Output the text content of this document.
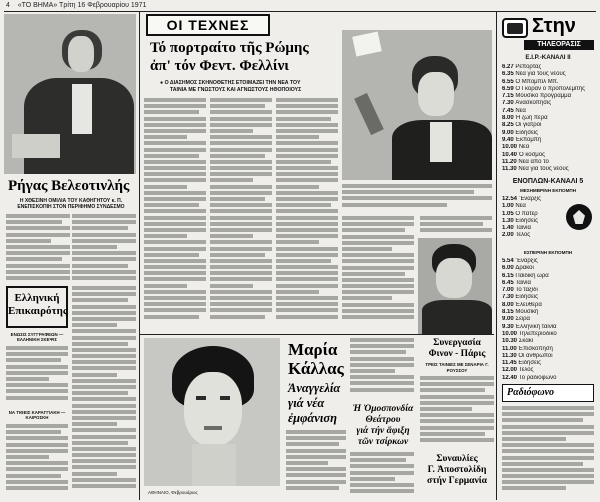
4 «ΤΟ ΒΗΜΑ» Τρίτη 16 Φεβρουαρίου 1971
Ρήγας Βελεοτινλής
Η ΧΘΕΣΙΝΗ ΟΜΙΛΙΑ ΤΟΥ ΚΑΘΗΓΗΤΟΥ κ. Π. ΕΝΕΠΙΣΚΟΠΙΗ ΣΤΟΝ ΠΕΡΙΦΗΜΟ ΣΥΝΔΕΣΜΟ
Ελληνική
Επικαιρότης
ΕΝΩΣΙΣ ΣΥΓΓΡΑΦΕΩΝ — ΕΛΛΗΝΙΚΗ ΣΚΕΨΙΣ
ΝΑ ΤΙΘΕΙΣ ΚΑΡΑΓΓΙΑΚΗ — ΚΑΙΡΟΣΚΗ
ΟΙ ΤΕΧΝΕΣ
Τό πορτραίτο τῆς Ρώμης
ἀπ' τόν Φεντ. Φελλίνι
● Ο ΔΙΑΣΗΜΟΣ ΣΚΗΝΟΘΕΤΗΣ ΕΤΟΙΜΑΖΕΙ ΤΗΝ ΝΕΑ ΤΟΥ
ΤΑΙΝΙΑ ΜΕ ΓΝΩΣΤΟΥΣ ΚΑΙ ΑΓΝΩΣΤΟΥΣ ΗΘΟΠΟΙΟΥΣ
ΑΘΗΝΑΙΟ, Φεβρουάριος
Μαρία
Κάλλας
Ἀναγγελία
γιά νέα
ἐμφάνιση
Ἡ Ὁμοσπονδία
Θεάτρου
γιά τήν ἄφιξη
τῶν τσίρκων
Συνεργασία
Φινον - Πάρις
ΤΡΕΙΣ ΤΑΙΝΙΕΣ ΜΕ ΣΕΝΑΡΙΑ Γ. ΡΟΥΣΣΟΥ
Συναυλίες
Γ. Ἀποστολίδη
στήν Γερμανία
Στην
ΤΗΛΕΟΡΑΣΙΣ
Ε.Ι.Ρ.-ΚΑΝΑΛΙ ΙΙ
6.27 Ρεπορτάζ
6.35 Νέα γιά τούς νέους
6.55 Ο Μπόμπιλ Μπ.
6.59 Ο Γκοράν ό προπολεμίτης
7.15 Μουσικό πρόγραμμα
7.30 Ἀνασκόπησις
7.45 Νέα
8.00 Ἡ ζωή πέρα
8.25 Οι γιατροί
9.00 Εἰδήσεις
9.40 Ἐκπομπή
10.00 Νέα
10.40 Ὁ κόσμος
11.20 Νέα ἀπό τό
11.30 Νέα γιά τούς νέους
ΕΝΟΠΛΩΝ-ΚΑΝΑΛΙ 5
ΜΕΣΗΜΒΡΙΝΗ ΕΚΠΟΜΠΗ
12.54 Ἔναρξις
1.00 Νέα
1.05 Ο πάτερ
1.30 Εἰδήσεις
1.40 Ταινία
2.00 Τέλος
ΕΣΠΕΡΙΝΗ ΕΚΠΟΜΠΗ
5.54 Ἔναρξις
6.00 Δράκοι
6.15 Παιδική ὥρα
6.45 Ταινία
7.00 Τό ταξίδι
7.30 Εἰδήσεις
8.00 Ἐλεύθερα
8.15 Μουσική
9.00 Σειρά
9.30 Ἑλληνική ταινία
10.00 Τηλεπεριοδικό
10.30 Σκάκι
11.00 Ἐπισκόπηση
11.30 Οἱ ἄνθρωποι
11.45 Εἰδήσεις
12.00 Τέλος
12.40 Τό ραδιόφωνο
Ραδιόφωνο
